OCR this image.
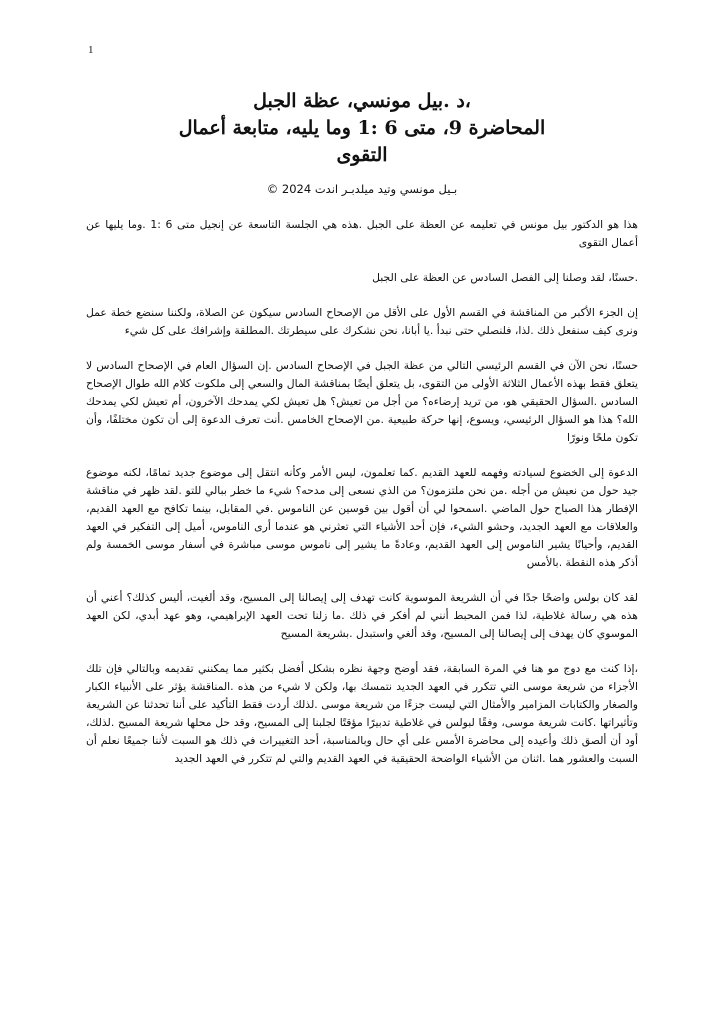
1
،د .بيل مونسي، عظة الجبل
المحاضرة 9، متى 6 :1 وما يليه، متابعة أعمال
التقوى
بـيل مونسي وتيد ميلدبـر اندت 2024 ©

هذا هو الدكتور بيل مونس في تعليمه عن العظة على الجبل .هذه هي الجلسة التاسعة عن إنجيل متى 6 :1 .وما يليها عن أعمال التقوى

.حسنًا، لقد وصلنا إلى الفصل السادس عن العظة على الجبل

إن الجزء الأكبر من المناقشة في القسم الأول على الأقل من الإصحاح السادس سيكون عن الصلاة، ولكننا سنضع خطة عمل ونرى كيف سنفعل ذلك .لذا، فلنصلي حتى نبدأ .يا أبانا، نحن نشكرك على سيطرتك .المطلقة وإشرافك على كل شيء

حسنًا، نحن الآن في القسم الرئيسي التالي من عظة الجبل في الإصحاح السادس .إن السؤال العام في الإصحاح السادس لا يتعلق فقط بهذه الأعمال الثلاثة الأولى من التقوى، بل يتعلق أيضًا بمناقشة المال والسعي إلى ملكوت كلام الله طوال الإصحاح السادس .السؤال الحقيقي هو، من تريد إرضاءه؟ من أجل من تعيش؟ هل تعيش لكي يمدحك الآخرون، أم تعيش لكي يمدحك الله؟ هذا هو السؤال الرئيسي، ويسوع، إنها حركة طبيعية .من الإصحاح الخامس .أنت تعرف الدعوة إلى أن تكون مختلفًا، وأن تكون ملحًا ونورًا

الدعوة إلى الخضوع لسيادته وفهمه للعهد القديم .كما تعلمون، ليس الأمر وكأنه انتقل إلى موضوع جديد تمامًا، لكنه موضوع جيد حول من نعيش من أجله .من نحن ملتزمون؟ من الذي نسعى إلى مدحه؟ شيء ما خطر ببالي للتو .لقد ظهر في مناقشة الإفطار هذا الصباح حول الماضي .اسمحوا لي أن أقول بين قوسين عن الناموس .في المقابل، بينما تكافح مع العهد القديم، والعلاقات مع العهد الجديد، وحشو الشيء، فإن أحد الأشياء التي تعثرني هو عندما أرى الناموس، أميل إلى التفكير في العهد القديم، وأحيانًا يشير الناموس إلى العهد القديم، وعادةً ما يشير إلى ناموس موسى مباشرة في أسفار موسى الخمسة ولم أذكر هذه النقطة .بالأمس

لقد كان بولس واضحًا جدًا في أن الشريعة الموسوية كانت تهدف إلى إيصالنا إلى المسيح، وقد ألغيت، أليس كذلك؟ أعني أن هذه هي رسالة غلاطية، لذا فمن المحبط أنني لم أفكر في ذلك .ما زلنا تحت العهد الإبراهيمي، وهو عهد أبدي، لكن العهد الموسوي كان يهدف إلى إيصالنا إلى المسيح، وقد ألغي واستبدل .بشريعة المسيح

،إذا كنت مع دوج مو هنا في المرة السابقة، فقد أوضح وجهة نظره بشكل أفضل بكثير مما يمكنني تقديمه وبالتالي فإن تلك الأجزاء من شريعة موسى التي تتكرر في العهد الجديد نتمسك بها، ولكن لا شيء من هذه .المناقشة يؤثر على الأنبياء الكبار والصغار والكتابات المزامير والأمثال التي ليست جزءًا من شريعة موسى .لذلك أردت فقط التأكيد على أننا تحدثنا عن الشريعة وتأثيراتها .كانت شريعة موسى، وفقًا لبولس في غلاطية تدبيرًا مؤقتًا لجلبنا إلى المسيح، وقد حل محلها شريعة المسيح .لذلك، أود أن ألصق ذلك وأعيده إلى محاضرة الأمس على أي حال وبالمناسبة، أحد التغييرات في ذلك هو السبت لأننا جميعًا نعلم أن السبت والعشور هما .اثنان من الأشياء الواضحة الحقيقية في العهد القديم والتي لم تتكرر في العهد الجديد
